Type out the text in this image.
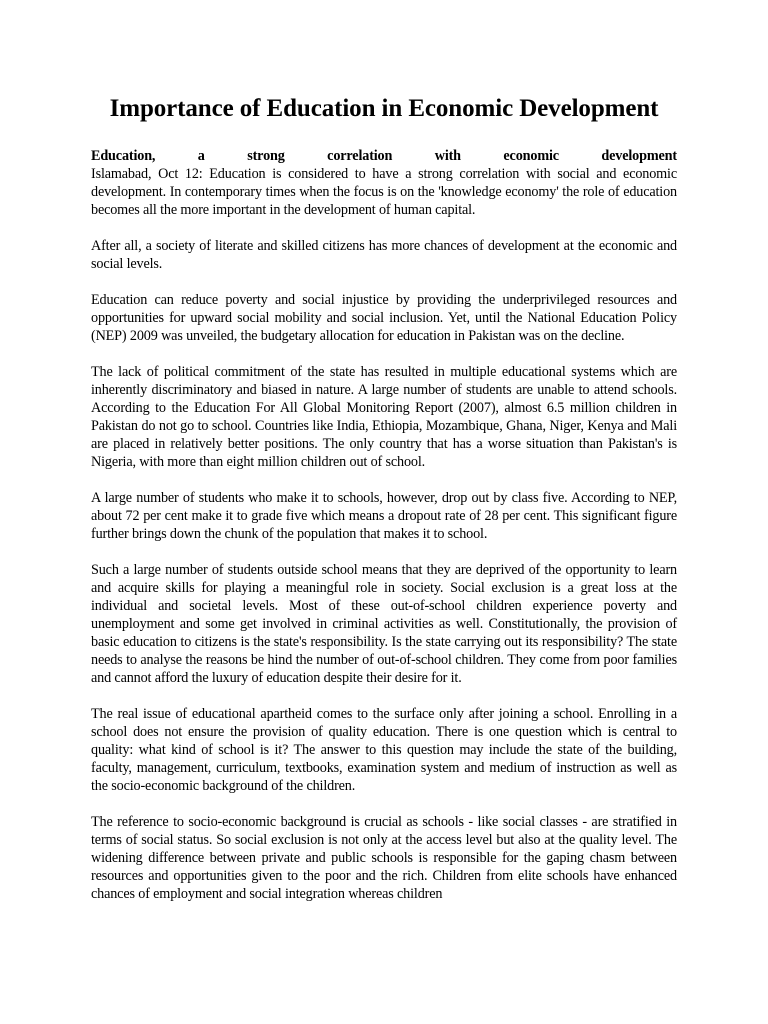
Importance of Education in Economic Development

Education, a strong correlation with economic development
Islamabad, Oct 12: Education is considered to have a strong correlation with social and economic development. In contemporary times when the focus is on the 'knowledge economy' the role of education becomes all the more important in the development of human capital.

After all, a society of literate and skilled citizens has more chances of development at the economic and social levels.

Education can reduce poverty and social injustice by providing the underprivileged resources and opportunities for upward social mobility and social inclusion. Yet, until the National Education Policy (NEP) 2009 was unveiled, the budgetary allocation for education in Pakistan was on the decline.

The lack of political commitment of the state has resulted in multiple educational systems which are inherently discriminatory and biased in nature. A large number of students are unable to attend schools. According to the Education For All Global Monitoring Report (2007), almost 6.5 million children in Pakistan do not go to school. Countries like India, Ethiopia, Mozambique, Ghana, Niger, Kenya and Mali are placed in relatively better positions. The only country that has a worse situation than Pakistan's is Nigeria, with more than eight million children out of school.

A large number of students who make it to schools, however, drop out by class five. According to NEP, about 72 per cent make it to grade five which means a dropout rate of 28 per cent. This significant figure further brings down the chunk of the population that makes it to school.

Such a large number of students outside school means that they are deprived of the opportunity to learn and acquire skills for playing a meaningful role in society. Social exclusion is a great loss at the individual and societal levels. Most of these out-of-school children experience poverty and unemployment and some get involved in criminal activities as well. Constitutionally, the provision of basic education to citizens is the state's responsibility. Is the state carrying out its responsibility? The state needs to analyse the reasons be hind the number of out-of-school children. They come from poor families and cannot afford the luxury of education despite their desire for it.

The real issue of educational apartheid comes to the surface only after joining a school. Enrolling in a school does not ensure the provision of quality education. There is one question which is central to quality: what kind of school is it? The answer to this question may include the state of the building, faculty, management, curriculum, textbooks, examination system and medium of instruction as well as the socio-economic background of the children.

The reference to socio-economic background is crucial as schools - like social classes - are stratified in terms of social status. So social exclusion is not only at the access level but also at the quality level. The widening difference between private and public schools is responsible for the gaping chasm between resources and opportunities given to the poor and the rich. Children from elite schools have enhanced chances of employment and social integration whereas children
